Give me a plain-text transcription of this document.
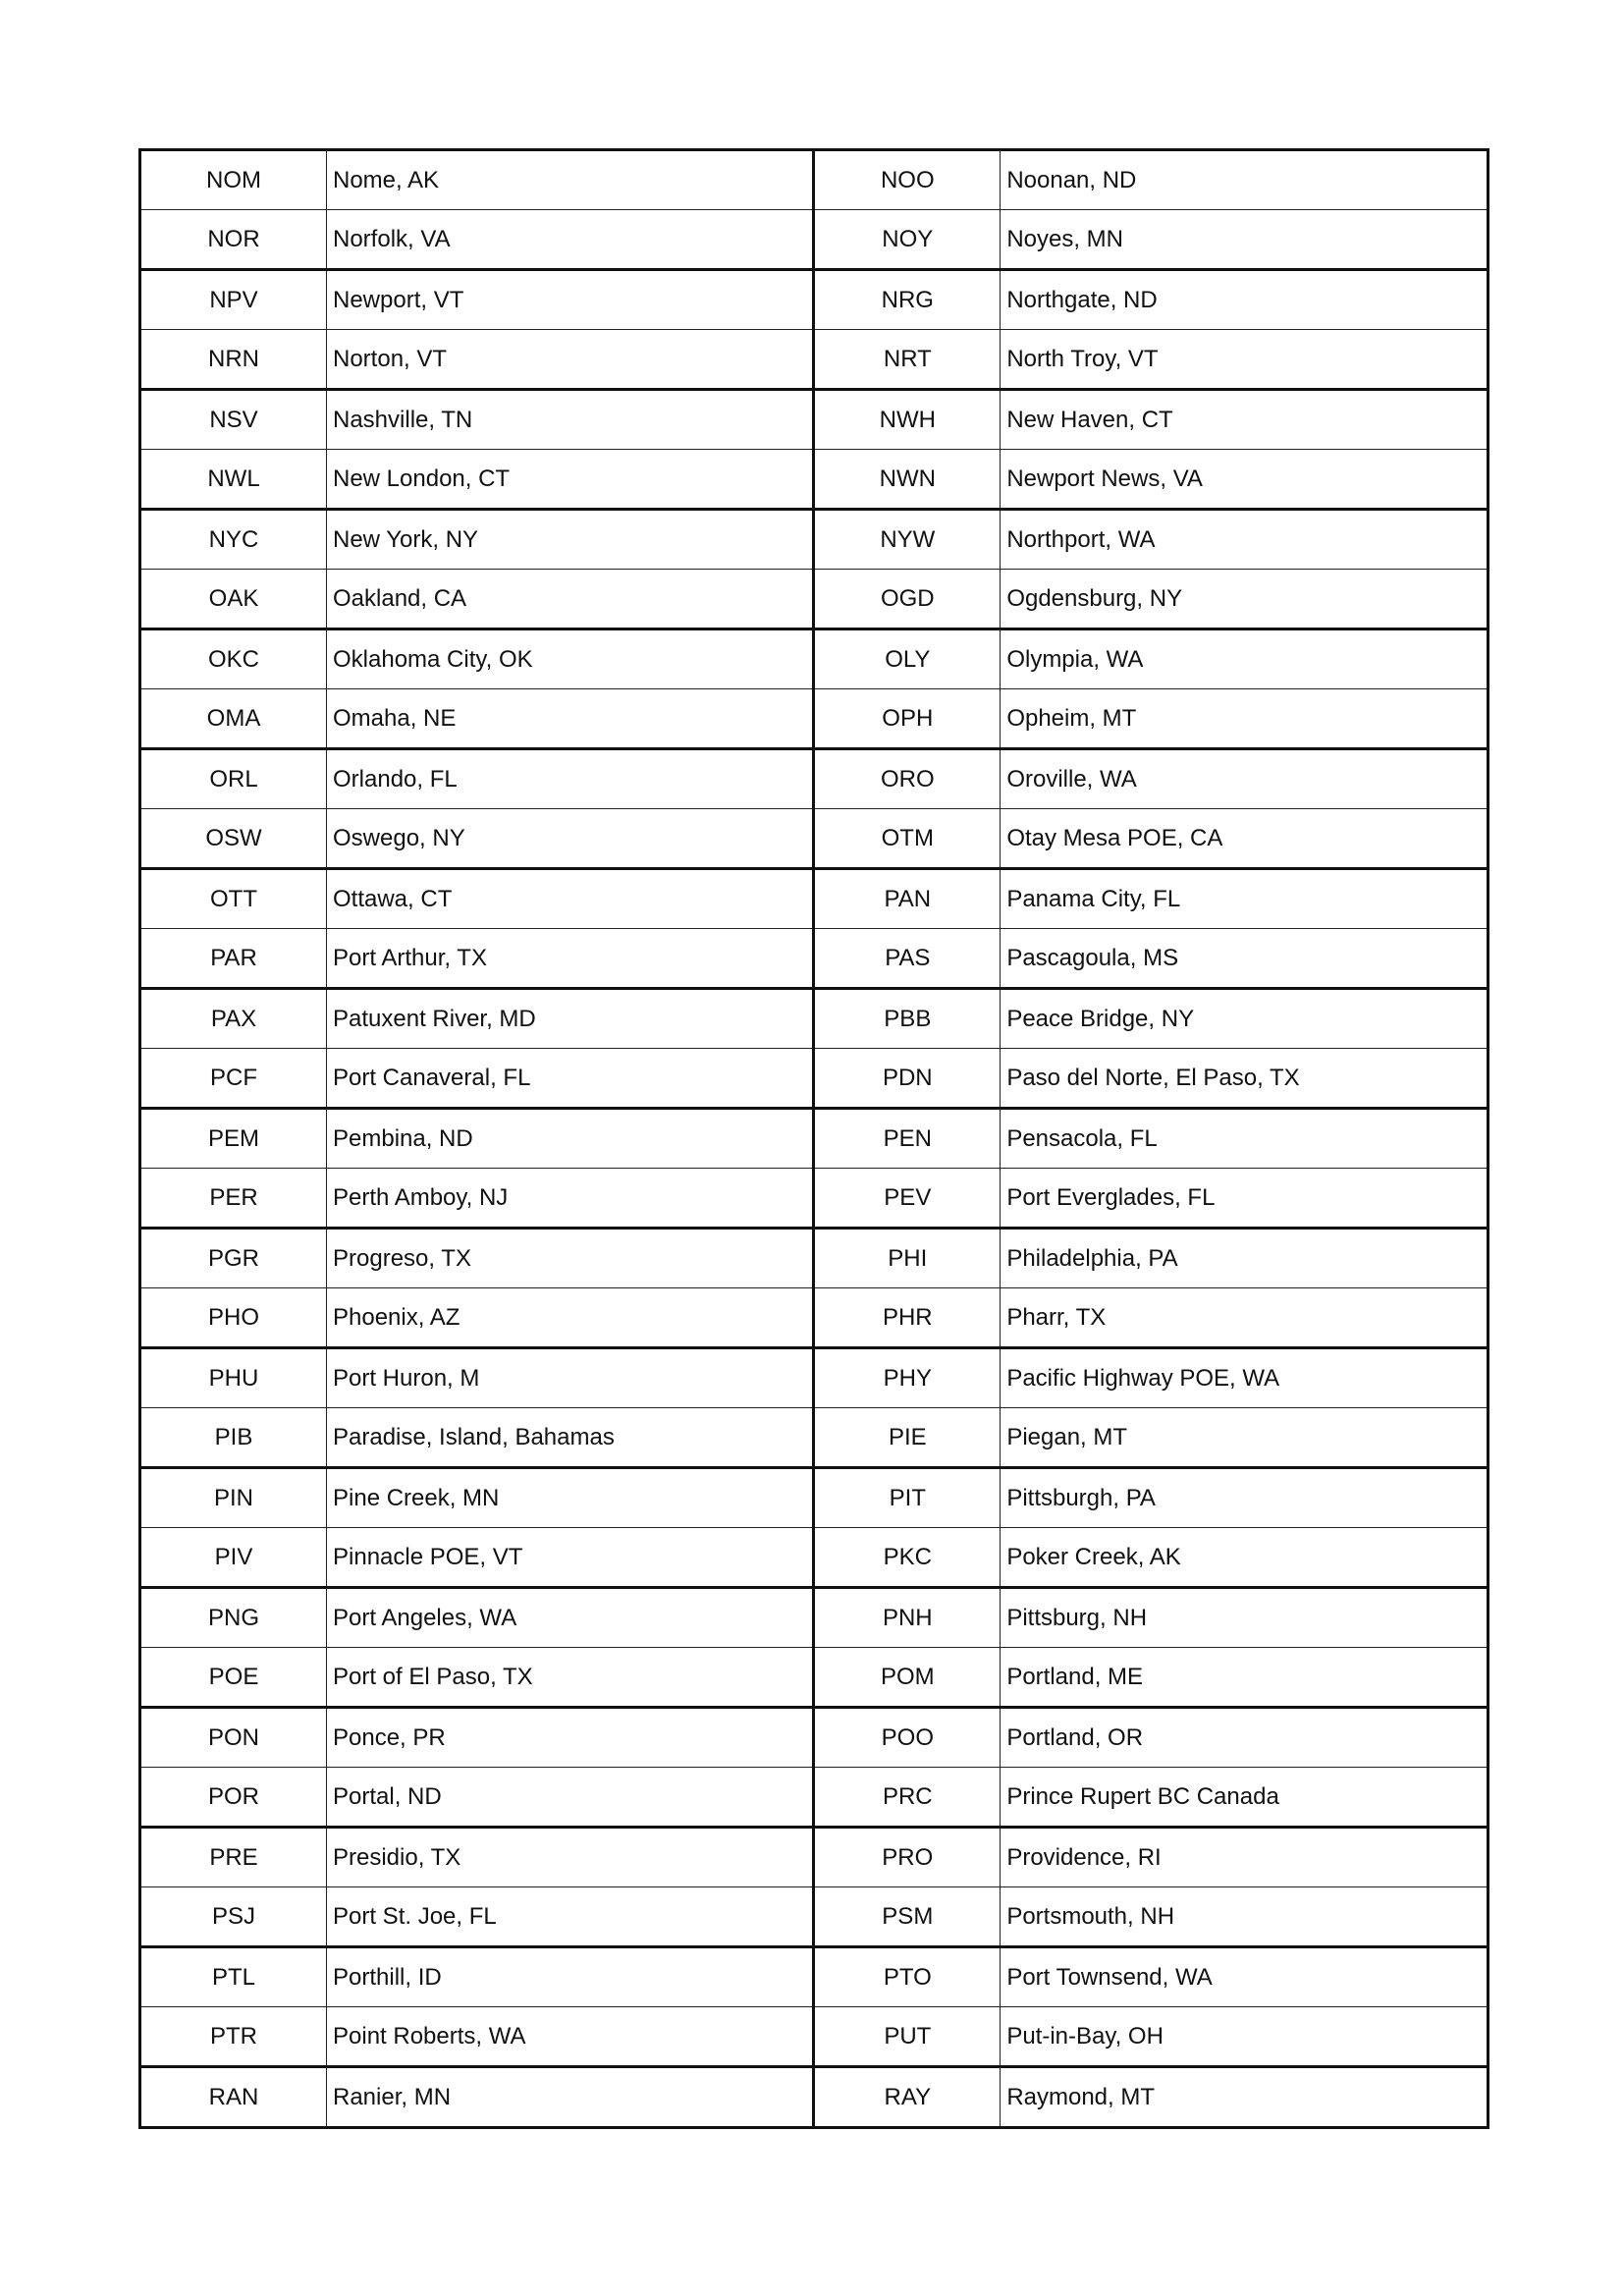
NOM	Nome, AK	NOO	Noonan, ND
NOR	Norfolk, VA	NOY	Noyes, MN
NPV	Newport, VT	NRG	Northgate, ND
NRN	Norton, VT	NRT	North Troy, VT
NSV	Nashville, TN	NWH	New Haven, CT
NWL	New London, CT	NWN	Newport News, VA
NYC	New York, NY	NYW	Northport, WA
OAK	Oakland, CA	OGD	Ogdensburg, NY
OKC	Oklahoma City, OK	OLY	Olympia, WA
OMA	Omaha, NE	OPH	Opheim, MT
ORL	Orlando, FL	ORO	Oroville, WA
OSW	Oswego, NY	OTM	Otay Mesa POE, CA
OTT	Ottawa, CT	PAN	Panama City, FL
PAR	Port Arthur, TX	PAS	Pascagoula, MS
PAX	Patuxent River, MD	PBB	Peace Bridge, NY
PCF	Port Canaveral, FL	PDN	Paso del Norte, El Paso, TX
PEM	Pembina, ND	PEN	Pensacola, FL
PER	Perth Amboy, NJ	PEV	Port Everglades, FL
PGR	Progreso, TX	PHI	Philadelphia, PA
PHO	Phoenix, AZ	PHR	Pharr, TX
PHU	Port Huron, M	PHY	Pacific Highway POE, WA
PIB	Paradise, Island, Bahamas	PIE	Piegan, MT
PIN	Pine Creek, MN	PIT	Pittsburgh, PA
PIV	Pinnacle POE, VT	PKC	Poker Creek, AK
PNG	Port Angeles, WA	PNH	Pittsburg, NH
POE	Port of El Paso, TX	POM	Portland, ME
PON	Ponce, PR	POO	Portland, OR
POR	Portal, ND	PRC	Prince Rupert BC Canada
PRE	Presidio, TX	PRO	Providence, RI
PSJ	Port St. Joe, FL	PSM	Portsmouth, NH
PTL	Porthill, ID	PTO	Port Townsend, WA
PTR	Point Roberts, WA	PUT	Put-in-Bay, OH
RAN	Ranier, MN	RAY	Raymond, MT
